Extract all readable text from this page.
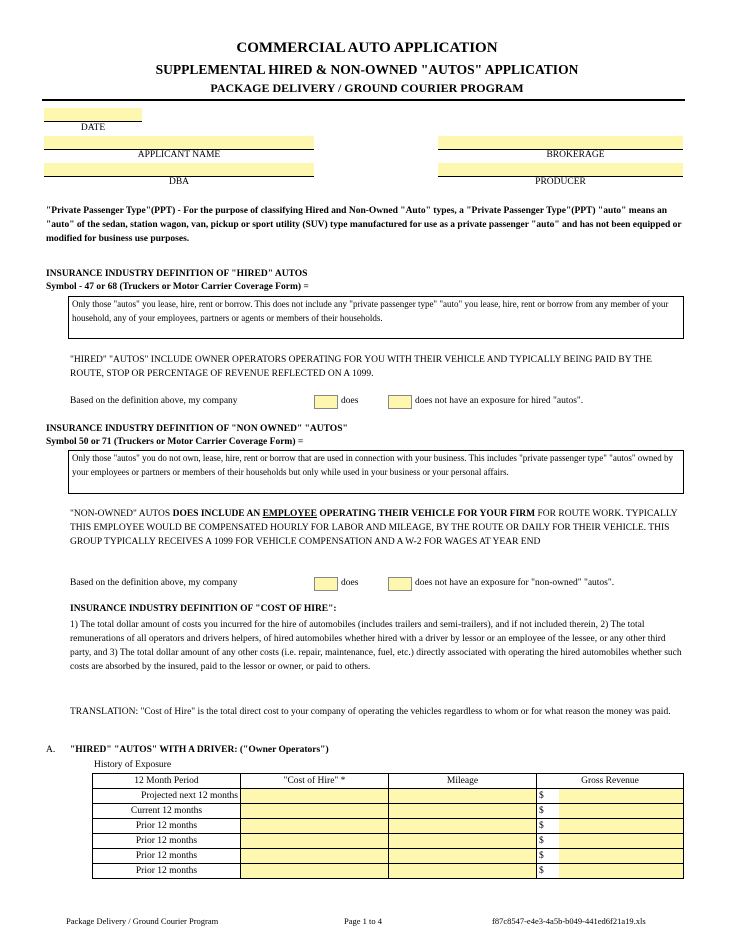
COMMERCIAL AUTO APPLICATION
SUPPLEMENTAL HIRED & NON-OWNED "AUTOS" APPLICATION
PACKAGE DELIVERY / GROUND COURIER PROGRAM
DATE
APPLICANT NAME	BROKERAGE
DBA	PRODUCER
"Private Passenger Type"(PPT) - For the purpose of classifying Hired and Non-Owned "Auto" types, a "Private Passenger Type"(PPT) "auto" means an "auto" of the sedan, station wagon, van, pickup or sport utility (SUV) type manufactured for use as a private passenger "auto" and has not been equipped or modified for business use purposes.
INSURANCE INDUSTRY DEFINITION OF "HIRED" AUTOS
Symbol - 47 or 68 (Truckers or Motor Carrier Coverage Form) =
Only those "autos" you lease, hire, rent or borrow. This does not include any "private passenger type" "auto" you lease, hire, rent or borrow from any member of your household, any of your employees, partners or agents or members of their households.
"HIRED" "AUTOS" INCLUDE OWNER OPERATORS OPERATING FOR YOU WITH THEIR VEHICLE AND TYPICALLY BEING PAID BY THE ROUTE, STOP OR PERCENTAGE OF REVENUE REFLECTED ON A 1099.
Based on the definition above, my company	does	does not have an exposure for hired "autos".
INSURANCE INDUSTRY DEFINITION OF "NON OWNED" "AUTOS"
Symbol 50 or 71 (Truckers or Motor Carrier Coverage Form) =
Only those "autos" you do not own, lease, hire, rent or borrow that are used in connection with your business. This includes "private passenger type" "autos" owned by your employees or partners or members of their households but only while used in your business or your personal affairs.
"NON-OWNED" AUTOS DOES INCLUDE AN EMPLOYEE OPERATING THEIR VEHICLE FOR YOUR FIRM FOR ROUTE WORK. TYPICALLY THIS EMPLOYEE WOULD BE COMPENSATED HOURLY FOR LABOR AND MILEAGE, BY THE ROUTE OR DAILY FOR THEIR VEHICLE. THIS GROUP TYPICALLY RECEIVES A 1099 FOR VEHICLE COMPENSATION AND A W-2 FOR WAGES AT YEAR END
Based on the definition above, my company	does	does not have an exposure for "non-owned" "autos".
INSURANCE INDUSTRY DEFINITION OF "COST OF HIRE":
1) The total dollar amount of costs you incurred for the hire of automobiles (includes trailers and semi-trailers), and if not included therein, 2) The total remunerations of all operators and drivers helpers, of hired automobiles whether hired with a driver by lessor or an employee of the lessee, or any other third party, and 3) The total dollar amount of any other costs (i.e. repair, maintenance, fuel, etc.) directly associated with operating the hired automobiles whether such costs are absorbed by the insured, paid to the lessor or owner, or paid to others.
TRANSLATION: "Cost of Hire" is the total direct cost to your company of operating the vehicles regardless to whom or for what reason the money was paid.
A. "HIRED" "AUTOS" WITH A DRIVER: ("Owner Operators")
History of Exposure
12 Month Period	"Cost of Hire" *	Mileage	Gross Revenue	
Projected next 12 months			$	
Current 12 months			$	
Prior 12 months			$	
Prior 12 months			$	
Prior 12 months			$	
Prior 12 months			$	
Package Delivery / Ground Courier Program	Page 1 to 4	f87c8547-e4e3-4a5b-b049-441ed6f21a19.xls
